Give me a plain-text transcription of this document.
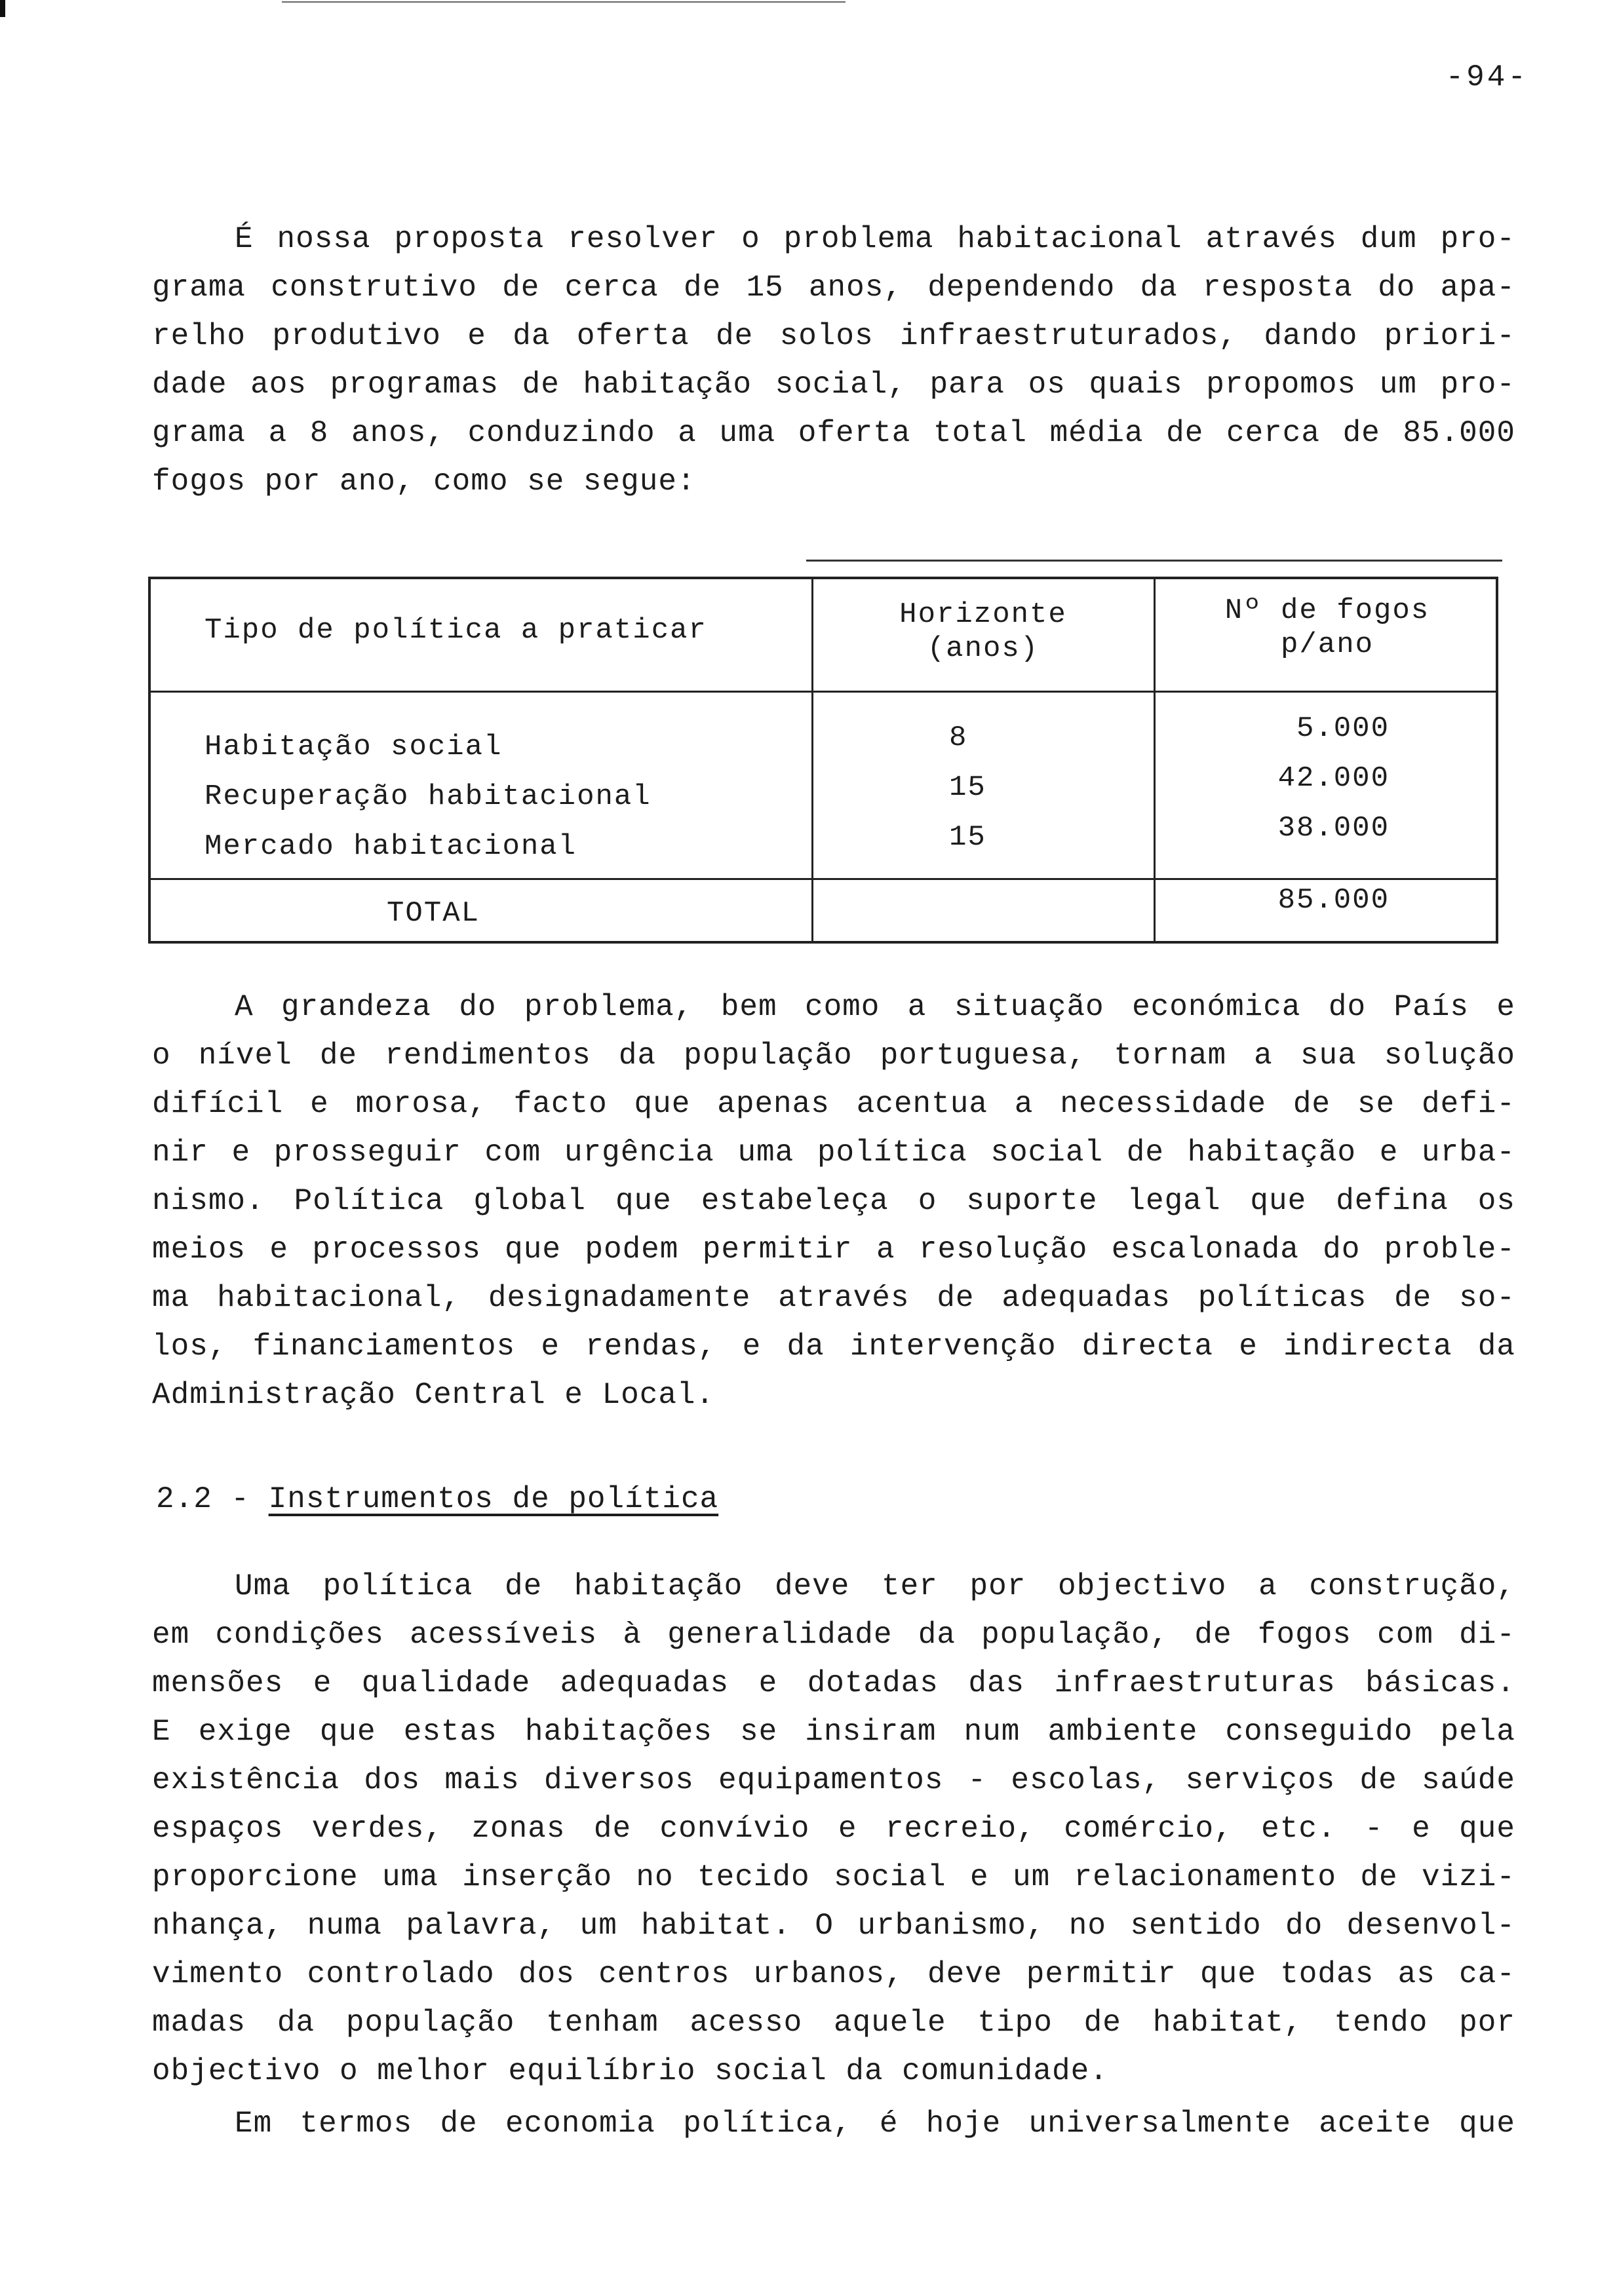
-94-
É nossa proposta resolver o problema habitacional através dum pro-
grama construtivo de cerca de 15 anos, dependendo da resposta do apa-
relho produtivo e da oferta de solos infraestruturados, dando priori-
dade aos programas de habitação social, para os quais propomos um pro-
grama a 8 anos, conduzindo a uma oferta total média de cerca de 85.000
fogos por ano, como se segue:
Tipo de política a praticar	Horizonte
(anos)
Nº de fogos
p/ano
Habitação social
Recuperação habitacional
Mercado habitacional
8
15
15
5.000
42.000
38.000
TOTAL	85.000
A grandeza do problema, bem como a situação económica do País e
o nível de rendimentos da população portuguesa, tornam a sua solução
difícil e morosa, facto que apenas acentua a necessidade de se defi-
nir e prosseguir com urgência uma política social de habitação e urba-
nismo. Política global que estabeleça o suporte legal que defina os
meios e processos que podem permitir a resolução escalonada do proble-
ma habitacional, designadamente através de adequadas políticas de so-
los, financiamentos e rendas, e da intervenção directa e indirecta da
Administração Central e Local.
2.2 - Instrumentos de política
Uma política de habitação deve ter por objectivo a construção,
em condições acessíveis à generalidade da população, de fogos com di-
mensões e qualidade adequadas e dotadas das infraestruturas básicas.
E exige que estas habitações se insiram num ambiente conseguido pela
existência dos mais diversos equipamentos - escolas, serviços de saúde
espaços verdes, zonas de convívio e recreio, comércio, etc. - e que
proporcione uma inserção no tecido social e um relacionamento de vizi-
nhança, numa palavra, um habitat. O urbanismo, no sentido do desenvol-
vimento controlado dos centros urbanos, deve permitir que todas as ca-
madas da população tenham acesso aquele tipo de habitat, tendo por
objectivo o melhor equilíbrio social da comunidade.
Em termos de economia política, é hoje universalmente aceite que
